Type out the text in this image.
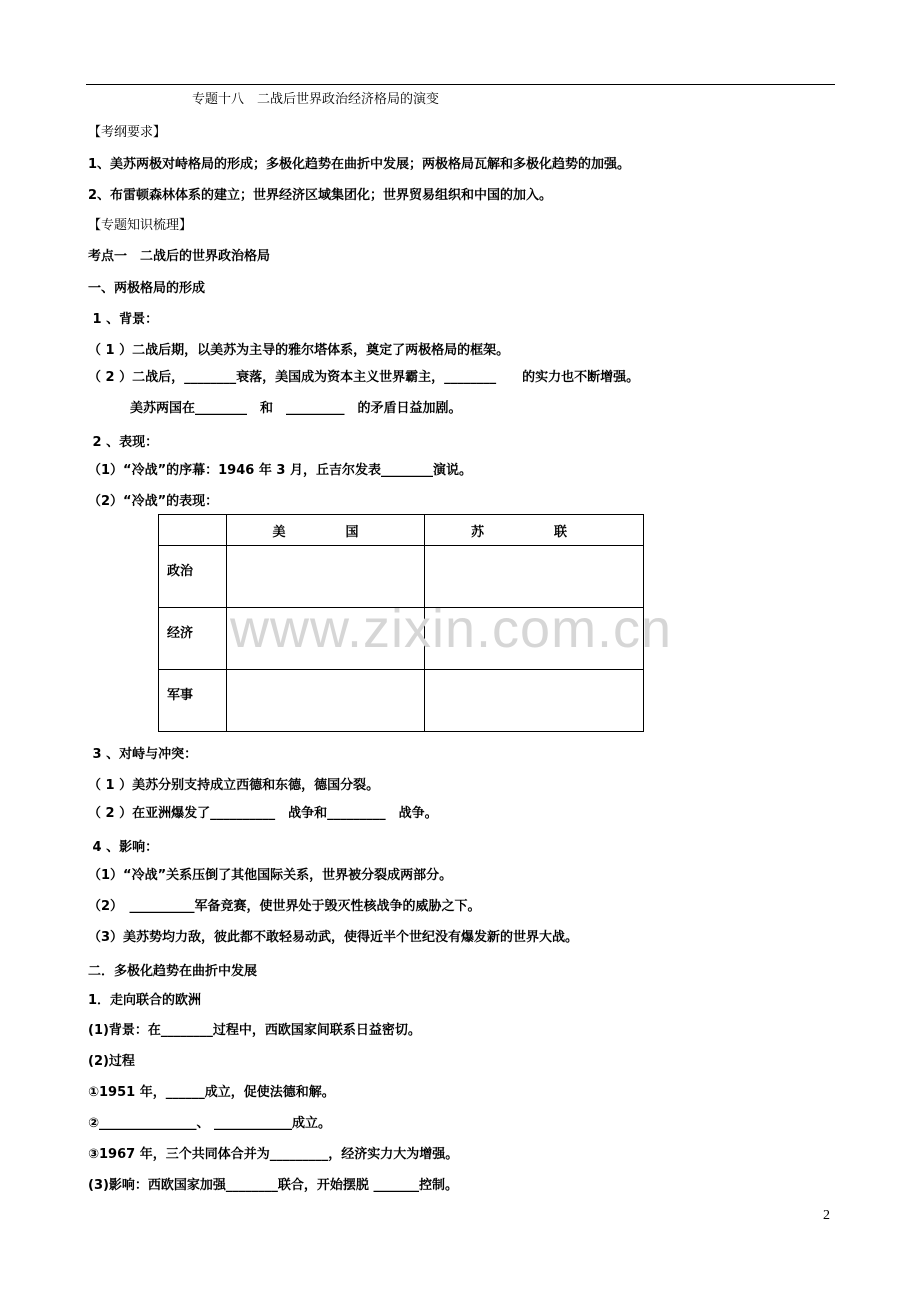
专题十八　二战后世界政治经济格局的演变
【考纲要求】
1、美苏两极对峙格局的形成；多极化趋势在曲折中发展；两极格局瓦解和多极化趋势的加强。
2、布雷顿森林体系的建立；世界经济区域集团化；世界贸易组织和中国的加入。
【专题知识梳理】
考点一　二战后的世界政治格局
一、两极格局的形成
1 、背景：
（ 1 ）二战后期，以美苏为主导的雅尔塔体系，奠定了两极格局的框架。
（ 2 ）二战后，________衰落，美国成为资本主义世界霸主，________　　的实力也不断增强。
美苏两国在________　和　_________　的矛盾日益加剧。
2 、表现：
（1）“冷战”的序幕：1946 年 3 月，丘吉尔发表________演说。
（2）“冷战”的表现：
	美国	苏联
政治		
经济		
军事		
www.zixin.com.cn
3 、对峙与冲突：
（ 1 ）美苏分别支持成立西德和东德，德国分裂。
（ 2 ）在亚洲爆发了__________　战争和_________　战争。
4 、影响：
（1）“冷战”关系压倒了其他国际关系，世界被分裂成两部分。
（2）　__________军备竞赛，使世界处于毁灭性核战争的威胁之下。
（3）美苏势均力敌，彼此都不敢轻易动武，使得近半个世纪没有爆发新的世界大战。
二．多极化趋势在曲折中发展
1．走向联合的欧洲
(1)背景：在________过程中，西欧国家间联系日益密切。
(2)过程
①1951 年，______成立，促使法德和解。
②_______________、 ____________成立。
③1967 年，三个共同体合并为_________，经济实力大为增强。
(3)影响：西欧国家加强________联合，开始摆脱 _______控制。
2
